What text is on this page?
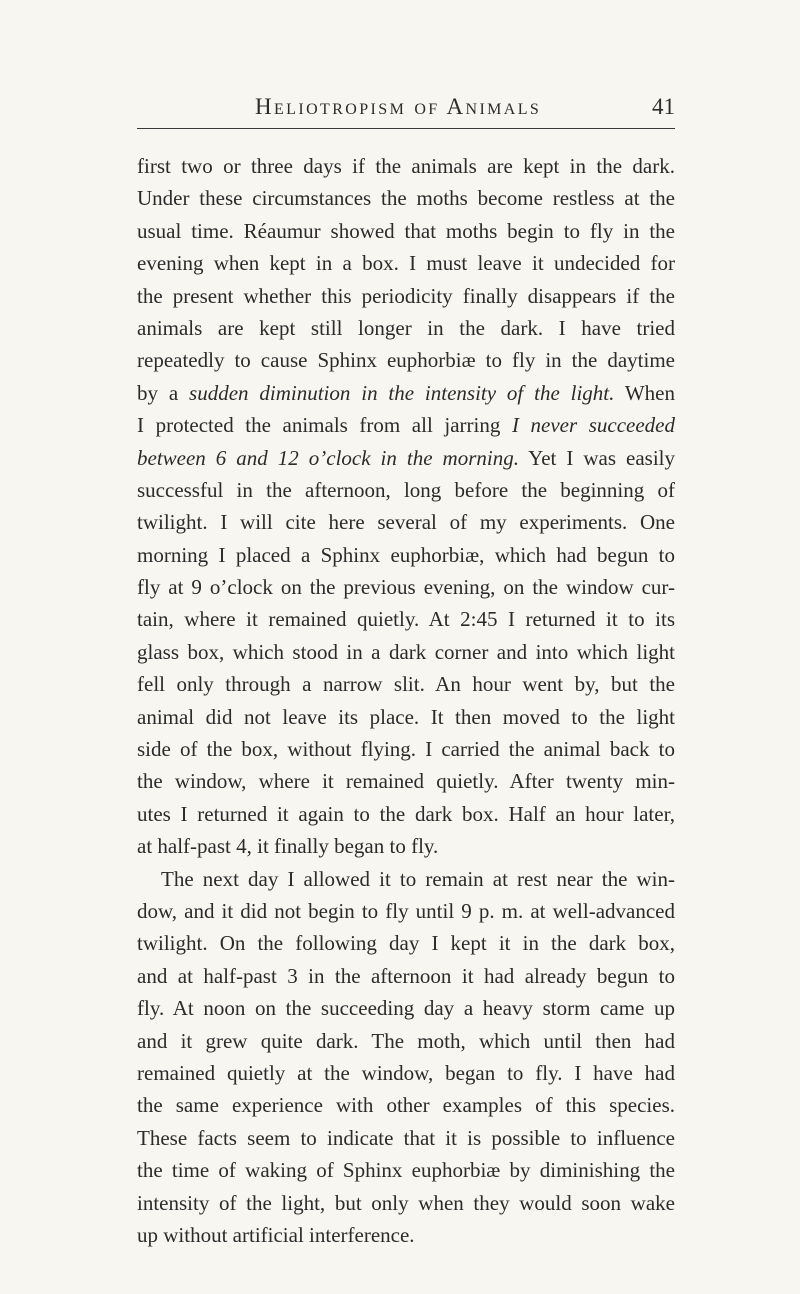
Heliotropism of Animals	41
first two or three days if the animals are kept in the dark.
Under these circumstances the moths become restless at the
usual time. Réaumur showed that moths begin to fly in the
evening when kept in a box. I must leave it undecided for
the present whether this periodicity finally disappears if the
animals are kept still longer in the dark. I have tried
repeatedly to cause Sphinx euphorbiæ to fly in the daytime
by a sudden diminution in the intensity of the light. When
I protected the animals from all jarring I never succeeded
between 6 and 12 o’clock in the morning. Yet I was easily
successful in the afternoon, long before the beginning of
twilight. I will cite here several of my experiments. One
morning I placed a Sphinx euphorbiæ, which had begun to
fly at 9 o’clock on the previous evening, on the window cur-
tain, where it remained quietly. At 2:45 I returned it to its
glass box, which stood in a dark corner and into which light
fell only through a narrow slit. An hour went by, but the
animal did not leave its place. It then moved to the light
side of the box, without flying. I carried the animal back to
the window, where it remained quietly. After twenty min-
utes I returned it again to the dark box. Half an hour later,
at half-past 4, it finally began to fly.
The next day I allowed it to remain at rest near the win-
dow, and it did not begin to fly until 9 p. m. at well-advanced
twilight. On the following day I kept it in the dark box,
and at half-past 3 in the afternoon it had already begun to
fly. At noon on the succeeding day a heavy storm came up
and it grew quite dark. The moth, which until then had
remained quietly at the window, began to fly. I have had
the same experience with other examples of this species.
These facts seem to indicate that it is possible to influence
the time of waking of Sphinx euphorbiæ by diminishing the
intensity of the light, but only when they would soon wake
up without artificial interference.
